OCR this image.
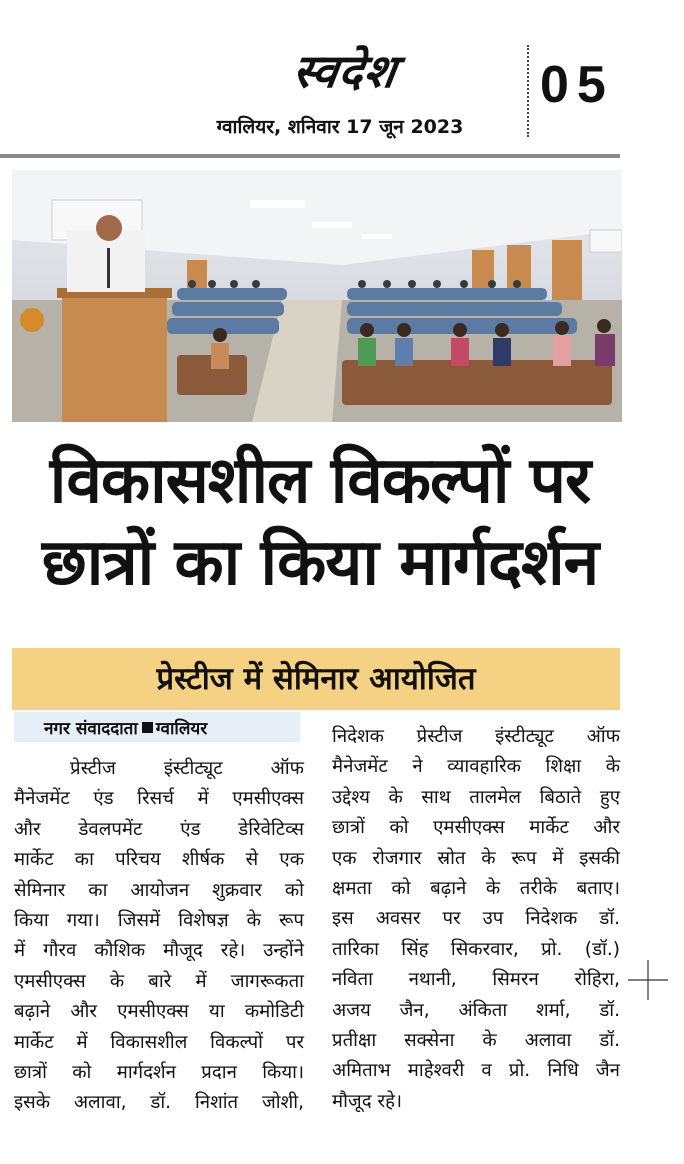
स्वदेश
ग्वालियर, शनिवार 17 जून 2023
05
विकासशील विकल्पों पर
छात्रों का किया मार्गदर्शन
प्रेस्टीज में सेमिनार आयोजित
नगर संवाददाता ग्वालियर
प्रेस्टीज इंस्टीट्यूट ऑफ
मैनेजमेंट एंड रिसर्च में एमसीएक्स
और डेवलपमेंट एंड डेरिवेटिव्स
मार्केट का परिचय शीर्षक से एक
सेमिनार का आयोजन शुक्रवार को
किया गया। जिसमें विशेषज्ञ के रूप
में गौरव कौशिक मौजूद रहे। उन्होंने
एमसीएक्स के बारे में जागरूकता
बढ़ाने और एमसीएक्स या कमोडिटी
मार्केट में विकासशील विकल्पों पर
छात्रों को मार्गदर्शन प्रदान किया।
इसके अलावा, डॉ. निशांत जोशी,
निदेशक प्रेस्टीज इंस्टीट्यूट ऑफ
मैनेजमेंट ने व्यावहारिक शिक्षा के
उद्देश्य के साथ तालमेल बिठाते हुए
छात्रों को एमसीएक्स मार्केट और
एक रोजगार स्रोत के रूप में इसकी
क्षमता को बढ़ाने के तरीके बताए।
इस अवसर पर उप निदेशक डॉ.
तारिका सिंह सिकरवार, प्रो. (डॉ.)
नविता नथानी, सिमरन रोहिरा,
अजय जैन, अंकिता शर्मा, डॉ.
प्रतीक्षा सक्सेना के अलावा डॉ.
अमिताभ माहेश्वरी व प्रो. निधि जैन
मौजूद रहे।
